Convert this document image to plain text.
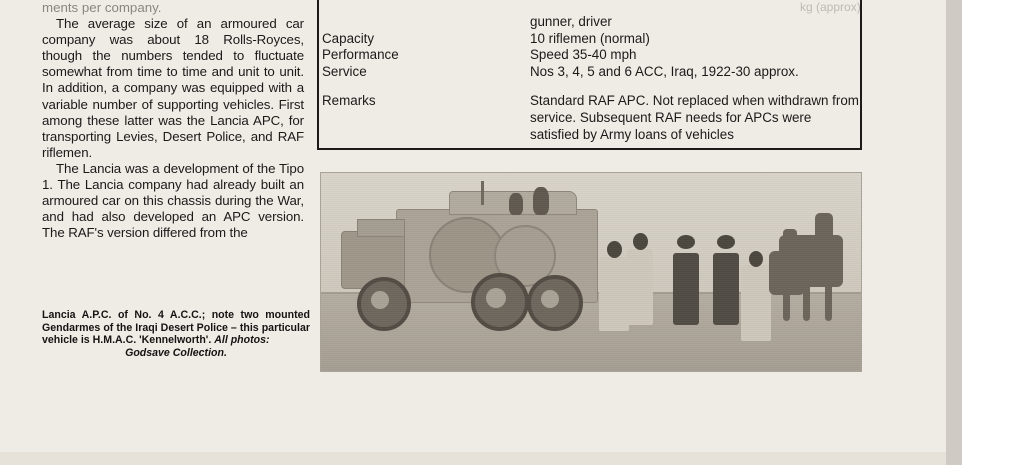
ments per company.

The average size of an armoured car company was about 18 Rolls-Royces, though the numbers tended to fluctuate somewhat from time to time and unit to unit. In addition, a company was equipped with a variable number of supporting vehicles. First among these latter was the Lancia APC, for transporting Levies, Desert Police, and RAF riflemen.

The Lancia was a development of the Tipo 1. The Lancia company had already built an armoured car on this chassis during the War, and had also developed an APC version. The RAF's version differed from the

Lancia A.P.C. of No. 4 A.C.C.; note two mounted Gendarmes of the Iraqi Desert Police – this particular vehicle is H.M.A.C. 'Kennelworth'. All photos:
Godsave Collection.
kg (approx)
gunner, driver
Capacity	10 riflemen (normal)
Performance	Speed 35-40 mph
Service	Nos 3, 4, 5 and 6 ACC, Iraq, 1922-30 approx.
Remarks	Standard RAF APC. Not replaced when withdrawn from service. Subsequent RAF needs for APCs were satisfied by Army loans of vehicles
